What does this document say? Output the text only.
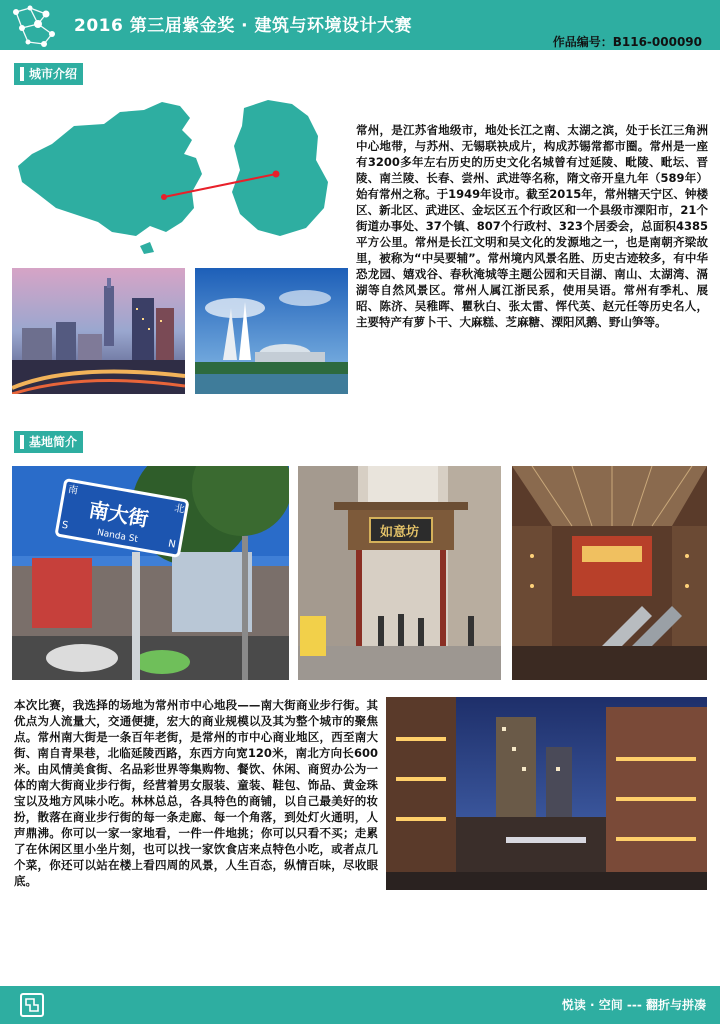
2016 第三届紫金奖 · 建筑与环境设计大赛
作品编号：B116-000090
城市介绍
常州，是江苏省地级市，地处长江之南、太湖之滨，处于长江三角洲中心地带，与苏州、无锡联袂成片，构成苏锡常都市圈。常州是一座有3200多年左右历史的历史文化名城曾有过延陵、毗陵、毗坛、晋陵、南兰陵、长春、尝州、武进等名称，隋文帝开皇九年（589年）始有常州之称。于1949年设市。截至2015年，常州辖天宁区、钟楼区、新北区、武进区、金坛区五个行政区和一个县级市溧阳市，21个街道办事处、37个镇、807个行政村、323个居委会，总面积4385平方公里。常州是长江文明和吴文化的发源地之一，也是南朝齐梁故里，被称为“中吴要辅”。常州境内风景名胜、历史古迹较多，有中华恐龙园、嬉戏谷、春秋淹城等主题公园和天目湖、南山、太湖湾、滆湖等自然风景区。常州人属江浙民系，使用吴语。常州有季札、展昭、陈济、吴稚晖、瞿秋白、张太雷、恽代英、赵元任等历史名人，主要特产有萝卜干、大麻糕、芝麻糖、溧阳风鹅、野山笋等。
基地简介
南
北
南大街
S
Nanda St	N
如意坊
本次比赛，我选择的场地为常州市中心地段——南大街商业步行街。其优点为人流量大，交通便捷，宏大的商业规模以及其为整个城市的聚焦点。常州南大街是一条百年老街，是常州的市中心商业地区，西至南大街、南自青果巷，北临延陵西路，东西方向宽120米，南北方向长600米。由风情美食街、名品彩世界等集购物、餐饮、休闲、商贸办公为一体的南大街商业步行街，经营着男女服装、童装、鞋包、饰品、黄金珠宝以及地方风味小吃。林林总总，各具特色的商铺，以自己最美好的妆扮，散落在商业步行街的每一条走廊、每一个角落，到处灯火通明，人声鼎沸。你可以一家一家地看，一件一件地挑；你可以只看不买；走累了在休闲区里小坐片刻，也可以找一家饮食店来点特色小吃，或者点几个菜，你还可以站在楼上看四周的风景，人生百态，纵情百味，尽收眼底。
悦读 · 空间 --- 翻折与拼凑
